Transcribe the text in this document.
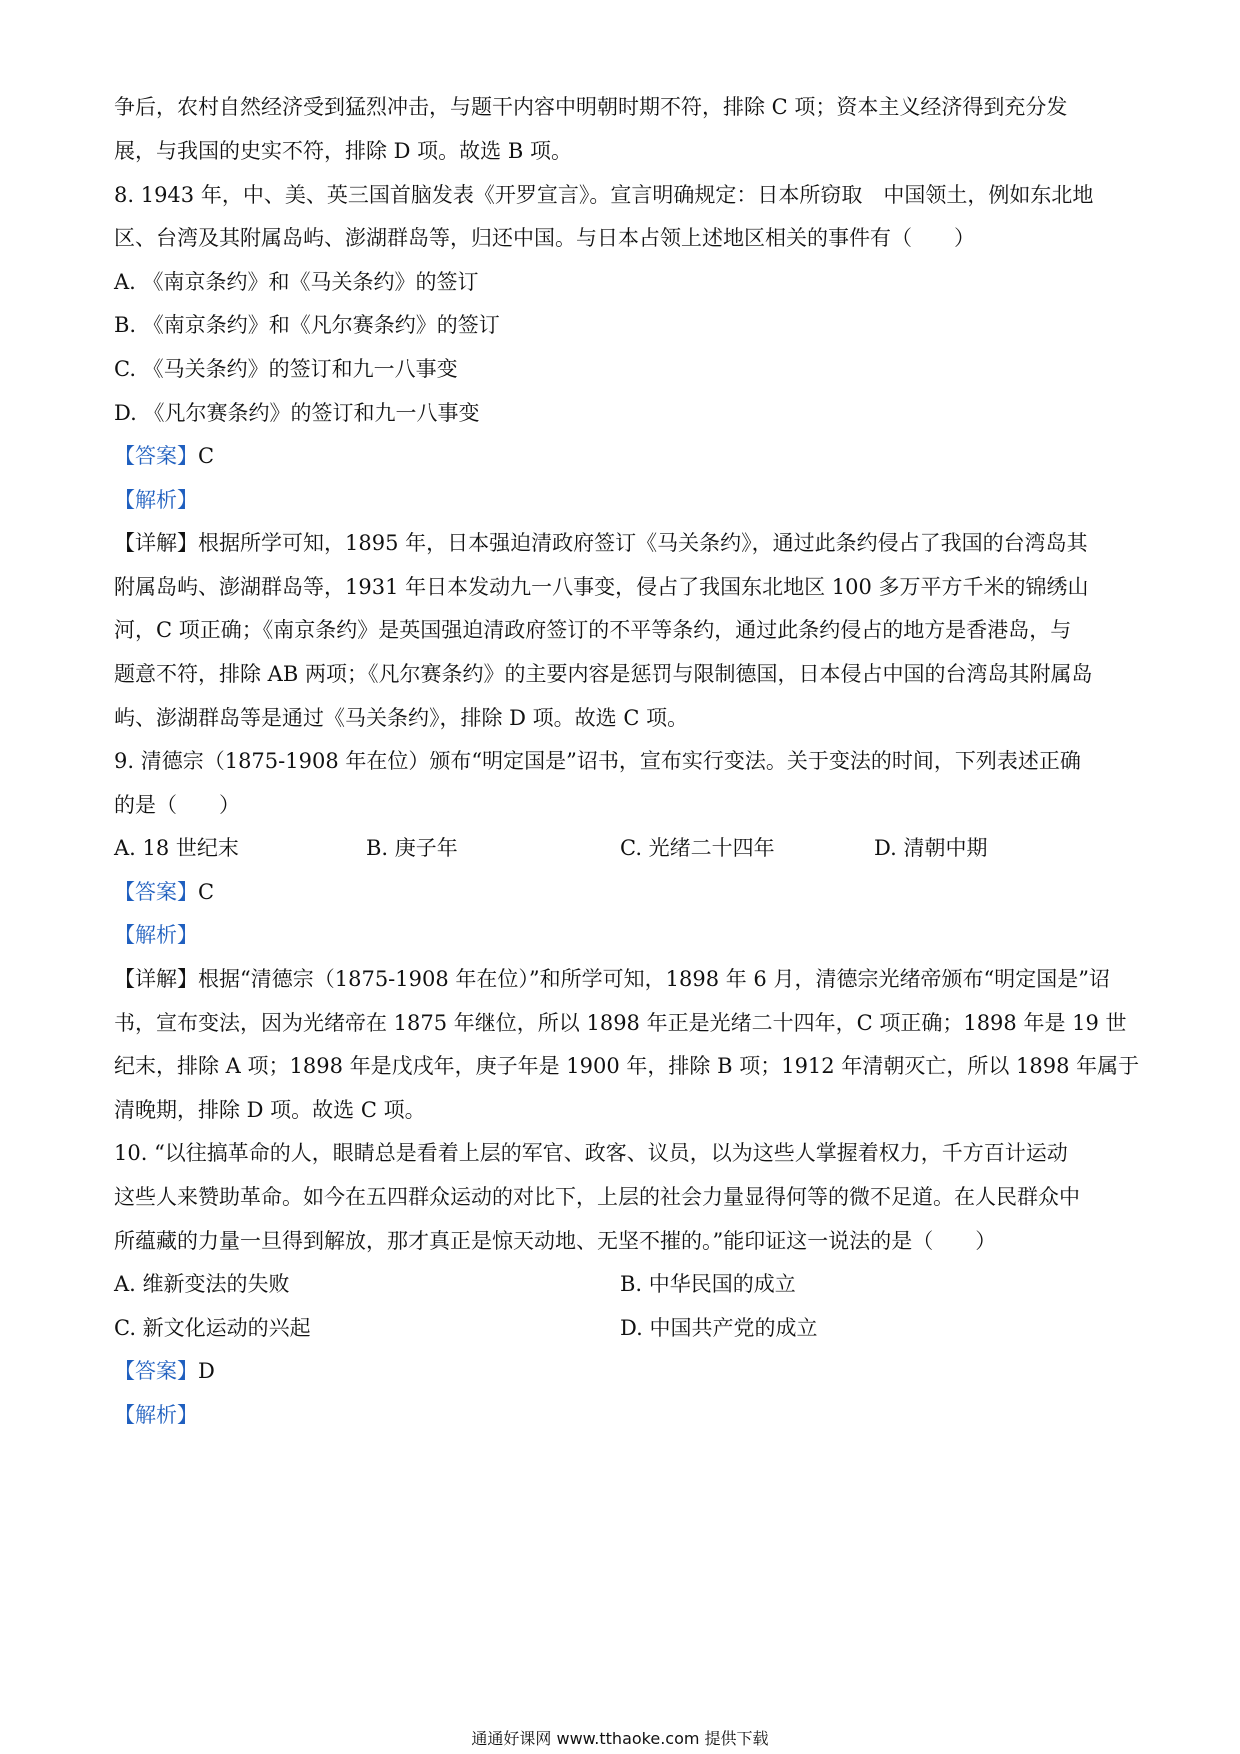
争后，农村自然经济受到猛烈冲击，与题干内容中明朝时期不符，排除 C 项；资本主义经济得到充分发
展，与我国的史实不符，排除 D 项。故选 B 项。
8. 1943 年，中、美、英三国首脑发表《开罗宣言》。宣言明确规定：日本所窃取　中国领土，例如东北地
区、台湾及其附属岛屿、澎湖群岛等，归还中国。与日本占领上述地区相关的事件有（　　）
A. 《南京条约》和《马关条约》的签订
B. 《南京条约》和《凡尔赛条约》的签订
C. 《马关条约》的签订和九一八事变
D. 《凡尔赛条约》的签订和九一八事变
【答案】C
【解析】
【详解】根据所学可知，1895 年，日本强迫清政府签订《马关条约》，通过此条约侵占了我国的台湾岛其
附属岛屿、澎湖群岛等，1931 年日本发动九一八事变，侵占了我国东北地区 100 多万平方千米的锦绣山
河，C 项正确；《南京条约》是英国强迫清政府签订的不平等条约，通过此条约侵占的地方是香港岛，与
题意不符，排除 AB 两项；《凡尔赛条约》的主要内容是惩罚与限制德国，日本侵占中国的台湾岛其附属岛
屿、澎湖群岛等是通过《马关条约》，排除 D 项。故选 C 项。
9. 清德宗（1875-1908 年在位）颁布“明定国是”诏书，宣布实行变法。关于变法的时间，下列表述正确
的是（　　）
A. 18 世纪末	B. 庚子年	C. 光绪二十四年	D. 清朝中期
【答案】C
【解析】
【详解】根据“清德宗（1875-1908 年在位）”和所学可知，1898 年 6 月，清德宗光绪帝颁布“明定国是”诏
书，宣布变法，因为光绪帝在 1875 年继位，所以 1898 年正是光绪二十四年，C 项正确；1898 年是 19 世
纪末，排除 A 项；1898 年是戊戌年，庚子年是 1900 年，排除 B 项；1912 年清朝灭亡，所以 1898 年属于
清晚期，排除 D 项。故选 C 项。
10. “以往搞革命的人，眼睛总是看着上层的军官、政客、议员，以为这些人掌握着权力，千方百计运动
这些人来赞助革命。如今在五四群众运动的对比下，上层的社会力量显得何等的微不足道。在人民群众中
所蕴藏的力量一旦得到解放，那才真正是惊天动地、无坚不摧的。”能印证这一说法的是（　　）
A. 维新变法的失败	B. 中华民国的成立
C. 新文化运动的兴起	D. 中国共产党的成立
【答案】D
【解析】
通通好课网 www.tthaoke.com 提供下载
